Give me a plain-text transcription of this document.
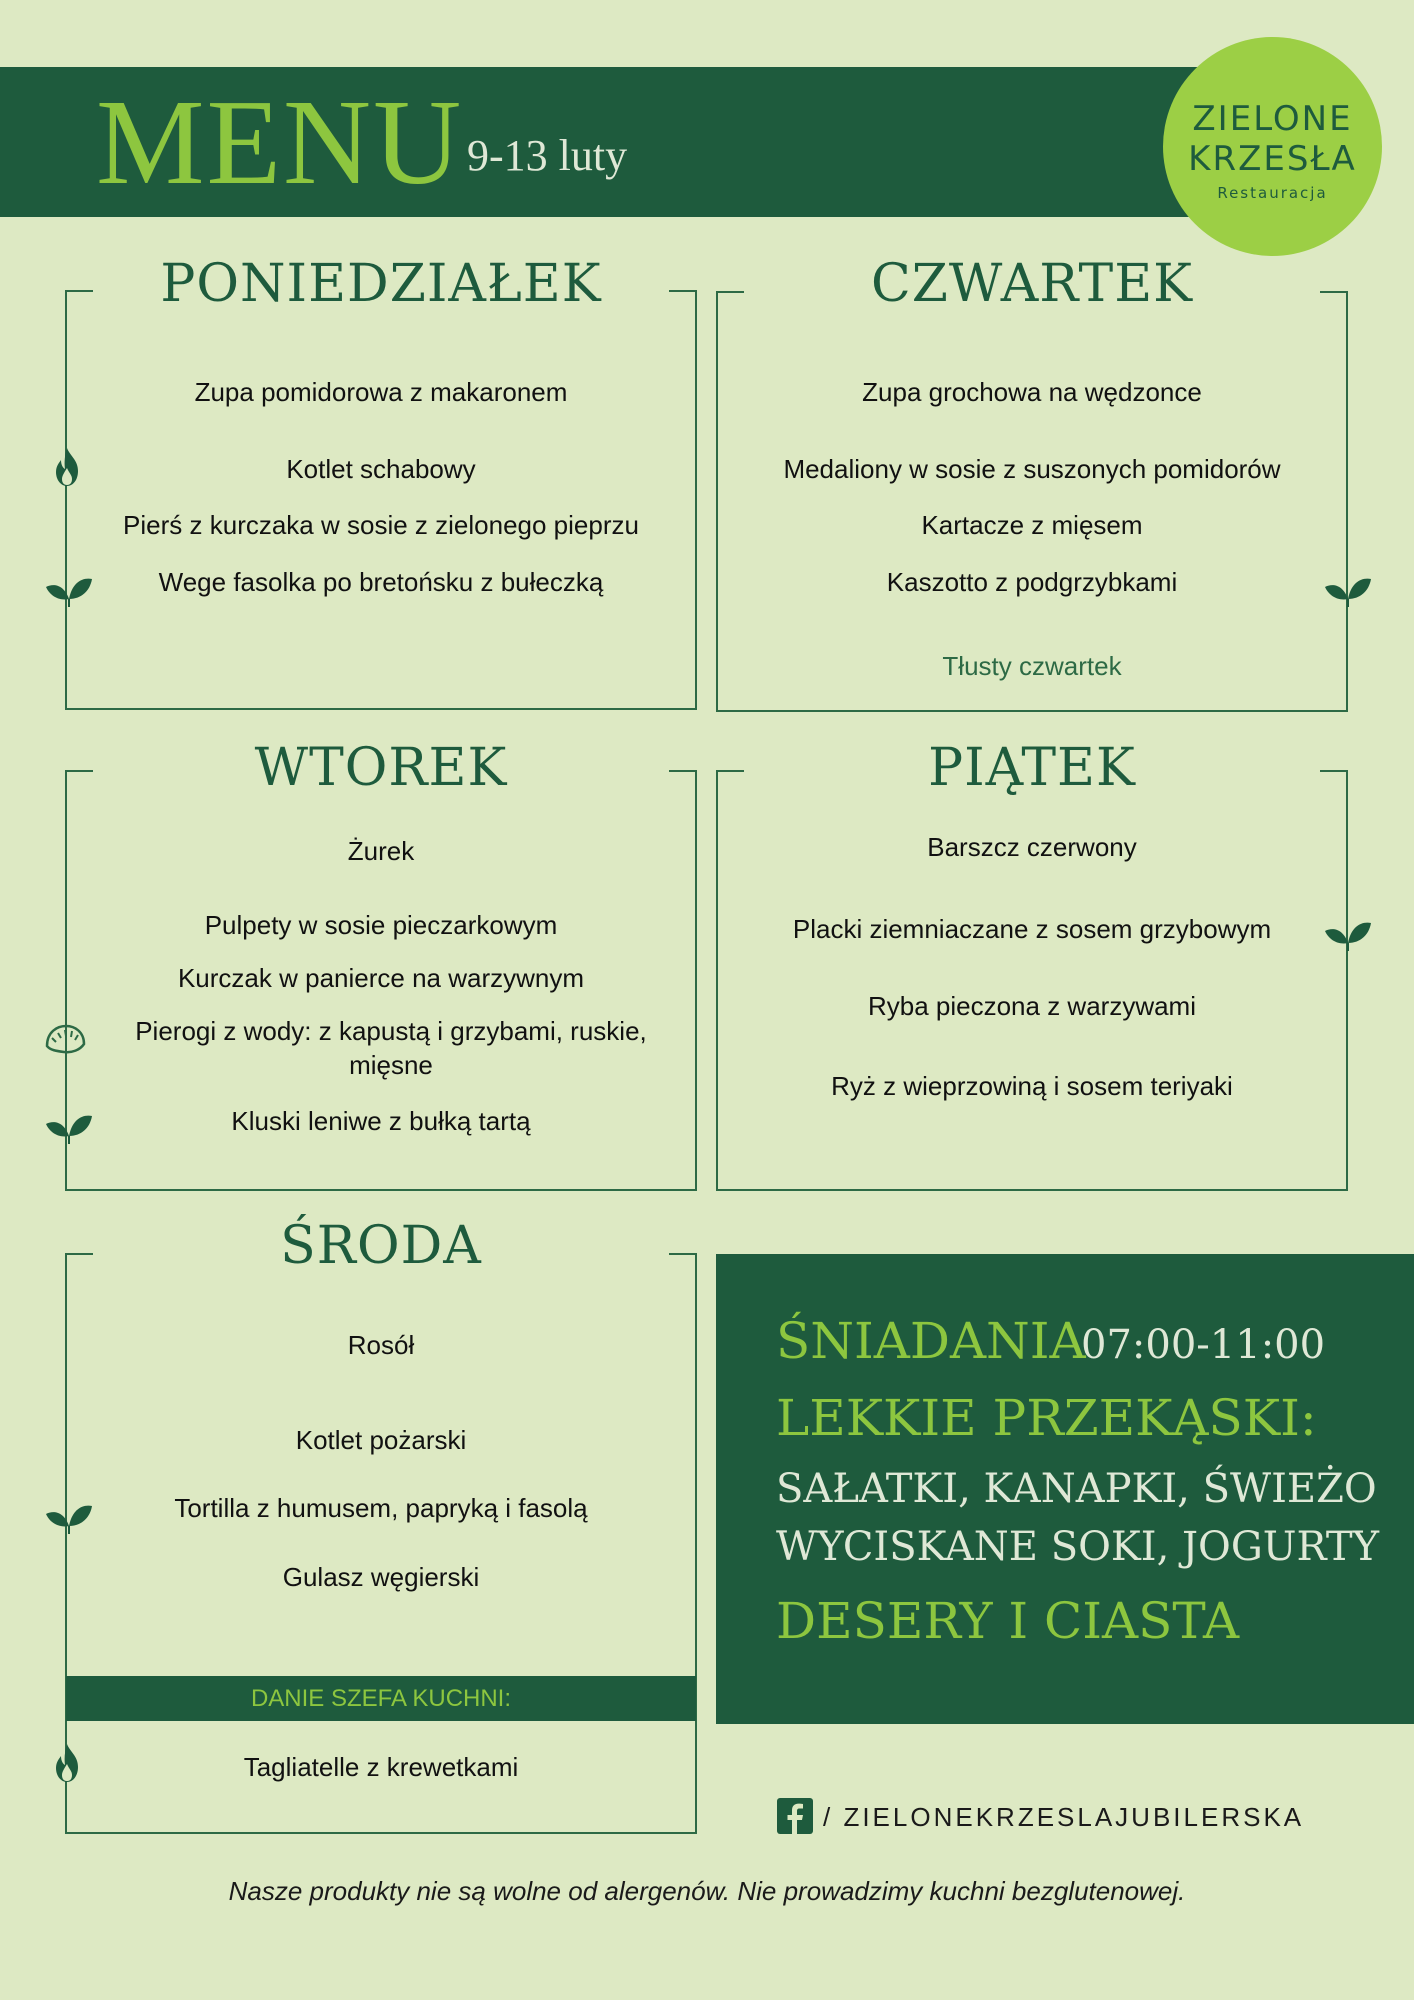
MENU 9-13 luty
ZIELONE
KRZESŁA
Restauracja
PONIEDZIAŁEK
Zupa pomidorowa z makaronem
Kotlet schabowy
Pierś z kurczaka w sosie z zielonego pieprzu
Wege fasolka po bretońsku z bułeczką
CZWARTEK
Zupa grochowa na wędzonce
Medaliony w sosie z suszonych pomidorów
Kartacze z mięsem
Kaszotto z podgrzybkami
Tłusty czwartek
WTOREK
Żurek
Pulpety w sosie pieczarkowym
Kurczak w panierce na warzywnym
Pierogi z wody: z kapustą i grzybami, ruskie, mięsne
Kluski leniwe z bułką tartą
PIĄTEK
Barszcz czerwony
Placki ziemniaczane z sosem grzybowym
Ryba pieczona z warzywami
Ryż z wieprzowiną i sosem teriyaki
ŚRODA
Rosół
Kotlet pożarski
Tortilla z humusem, papryką i fasolą
Gulasz węgierski
Tagliatelle z krewetkami
DANIE SZEFA KUCHNI:
ŚNIADANIA
07:00-11:00
LEKKIE PRZEKĄSKI:
SAŁATKI, KANAPKI, ŚWIEŻO
WYCISKANE SOKI, JOGURTY
DESERY I CIASTA
/ ZIELONEKRZESLAJUBILERSKA
Nasze produkty nie są wolne od alergenów. Nie prowadzimy kuchni bezglutenowej.
